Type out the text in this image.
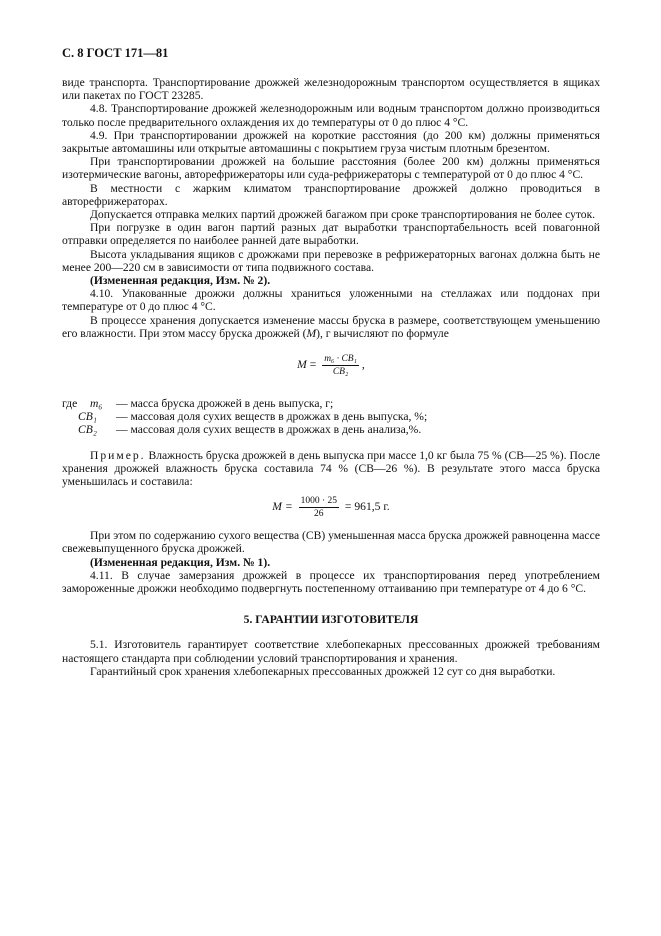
С. 8 ГОСТ 171—81

виде транспорта. Транспортирование дрожжей железнодорожным транспортом осуществляется в ящиках или пакетах по ГОСТ 23285.

4.8. Транспортирование дрожжей железнодорожным или водным транспортом должно производиться только после предварительного охлаждения их до температуры от 0 до плюс 4 °С.

4.9. При транспортировании дрожжей на короткие расстояния (до 200 км) должны применяться закрытые автомашины или открытые автомашины с покрытием груза чистым плотным брезентом.

При транспортировании дрожжей на большие расстояния (более 200 км) должны применяться изотермические вагоны, авторефрижераторы или суда-рефрижераторы с температурой от 0 до плюс 4 °С.

В местности с жарким климатом транспортирование дрожжей должно проводиться в авторефрижераторах.

Допускается отправка мелких партий дрожжей багажом при сроке транспортирования не более суток.

При погрузке в один вагон партий разных дат выработки транспортабельность всей повагонной отправки определяется по наиболее ранней дате выработки.

Высота укладывания ящиков с дрожжами при перевозке в рефрижераторных вагонах должна быть не менее 200—220 см в зависимости от типа подвижного состава.

(Измененная редакция, Изм. № 2).

4.10. Упакованные дрожжи должны храниться уложенными на стеллажах или поддонах при температуре от 0 до плюс 4 °С.

В процессе хранения допускается изменение массы бруска в размере, соответствующем уменьшению его влажности. При этом массу бруска дрожжей (M), г вычисляют по формуле

$M = \frac{\text{m₆ · CB₁}}{\text{CB₂}}$ ,
где	m₆	— масса бруска дрожжей в день выпуска, г;
CB₁	— массовая доля сухих веществ в дрожжах в день выпуска, %;
CB₂	— массовая доля сухих веществ в дрожжах в день анализа,%.

Пример. Влажность бруска дрожжей в день выпуска при массе 1,0 кг была 75 % (СВ—25 %). После хранения дрожжей влажность бруска составила 74 % (СВ—26 %). В результате этого масса бруска уменьшилась и составила:

$M = \frac{1000 \cdot 25}{26} = 961,5$ г.

При этом по содержанию сухого вещества (СВ) уменьшенная масса бруска дрожжей равноценна массе свежевыпущенного бруска дрожжей.

(Измененная редакция, Изм. № 1).

4.11. В случае замерзания дрожжей в процессе их транспортирования перед употреблением замороженные дрожжи необходимо подвергнуть постепенному оттаиванию при температуре от 4 до 6 °С.

5. ГАРАНТИИ ИЗГОТОВИТЕЛЯ

5.1. Изготовитель гарантирует соответствие хлебопекарных прессованных дрожжей требованиям настоящего стандарта при соблюдении условий транспортирования и хранения.

Гарантийный срок хранения хлебопекарных прессованных дрожжей 12 сут со дня выработки.
